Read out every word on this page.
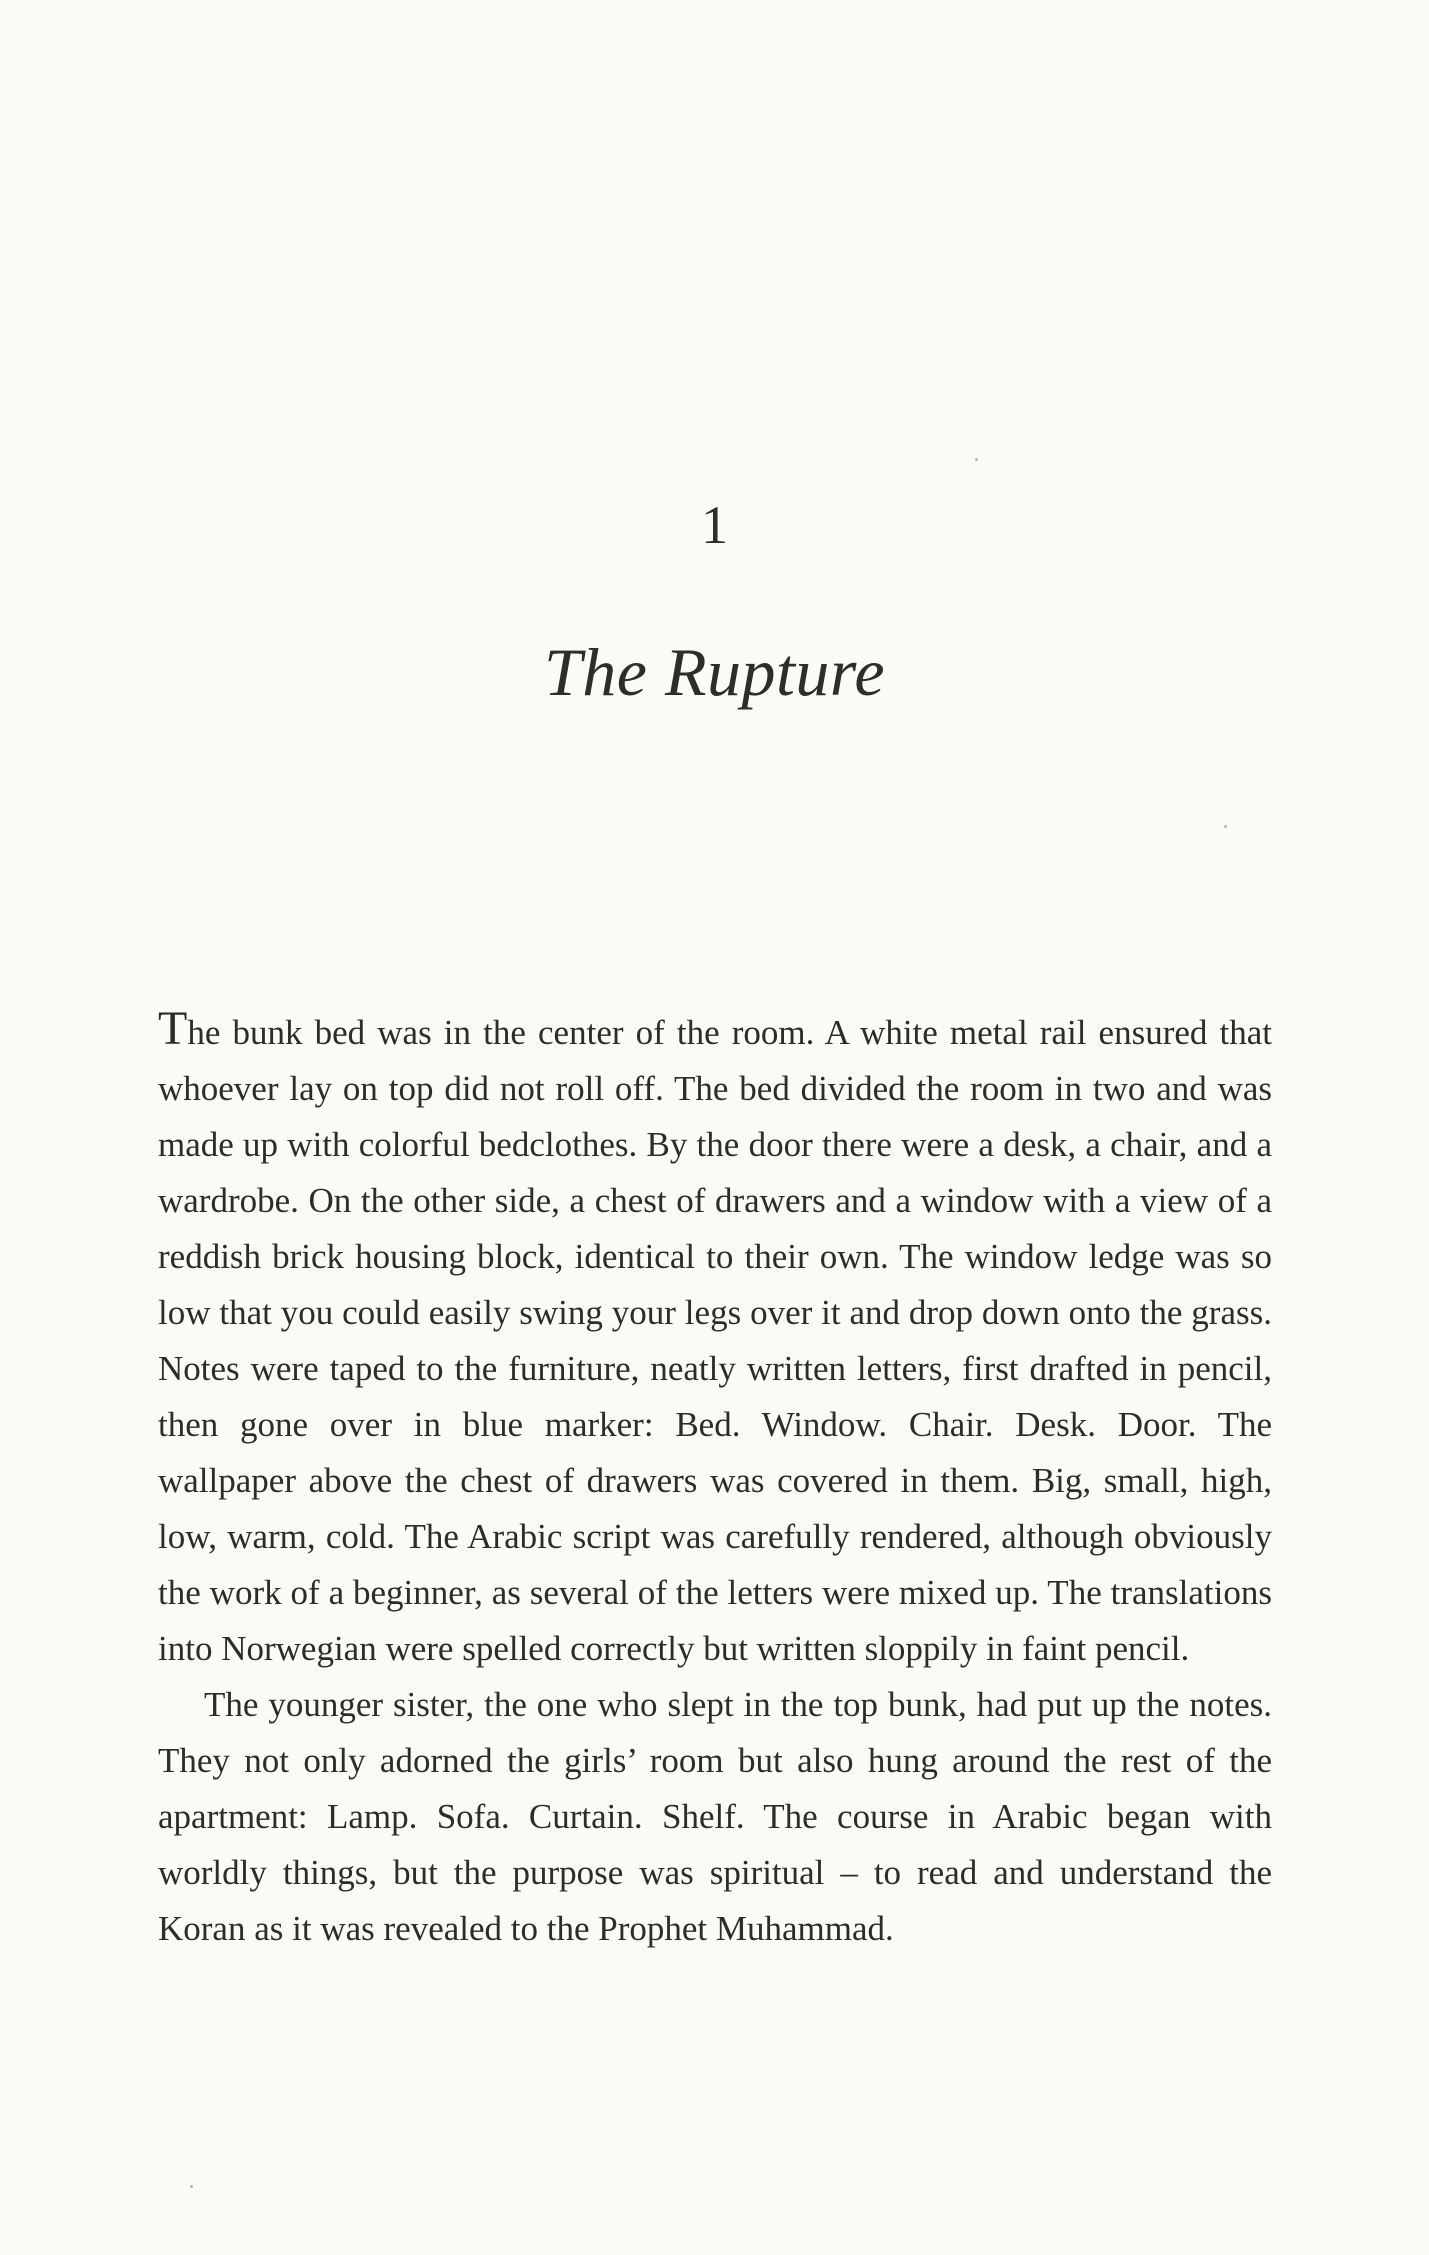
1
The Rupture

The bunk bed was in the center of the room. A white metal rail ensured that whoever lay on top did not roll off. The bed divided the room in two and was made up with colorful bedclothes. By the door there were a desk, a chair, and a wardrobe. On the other side, a chest of drawers and a window with a view of a reddish brick housing block, identical to their own. The window ledge was so low that you could easily swing your legs over it and drop down onto the grass. Notes were taped to the furniture, neatly written letters, first drafted in pencil, then gone over in blue marker: Bed. Window. Chair. Desk. Door. The wallpaper above the chest of drawers was covered in them. Big, small, high, low, warm, cold. The Arabic script was carefully rendered, although obviously the work of a beginner, as several of the letters were mixed up. The translations into Norwegian were spelled correctly but written sloppily in faint pencil.

The younger sister, the one who slept in the top bunk, had put up the notes. They not only adorned the girls’ room but also hung around the rest of the apartment: Lamp. Sofa. Curtain. Shelf. The course in Arabic began with worldly things, but the purpose was spiritual – to read and understand the Koran as it was revealed to the Prophet Muhammad.
